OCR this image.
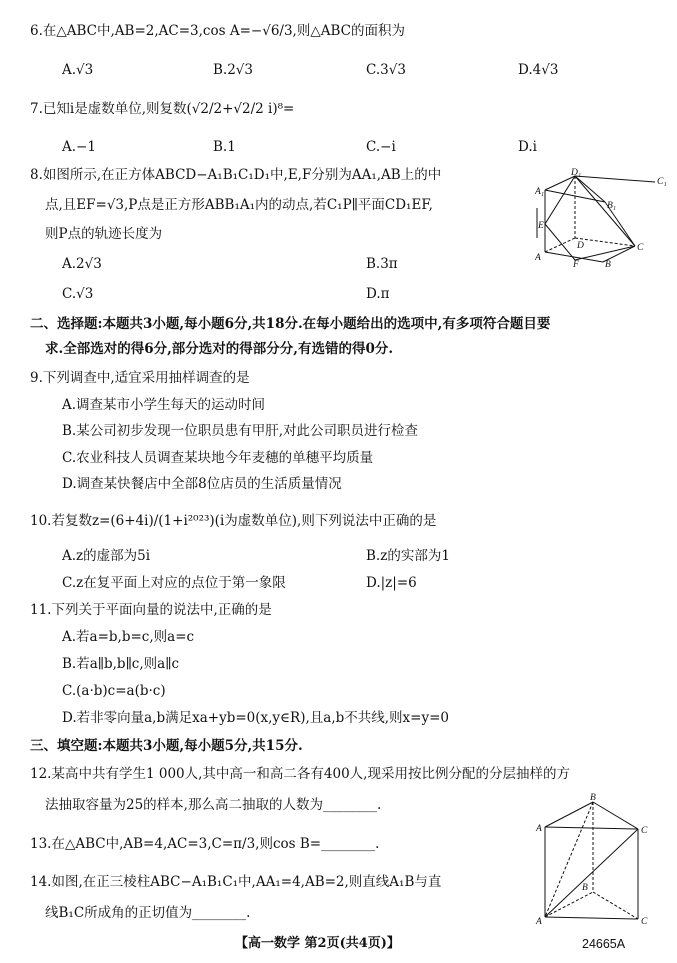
6.在△ABC中,AB=2,AC=3,cos A=−√6/3,则△ABC的面积为
A.√3	B.2√3	C.3√3	D.4√3
7.已知i是虚数单位,则复数(√2/2+√2/2 i)⁸=
A.−1	B.1	C.−i	D.i
8.如图所示,在正方体ABCD−A₁B₁C₁D₁中,E,F分别为AA₁,AB上的中
点,且EF=√3,P点是正方形ABB₁A₁内的动点,若C₁P∥平面CD₁EF,
则P点的轨迹长度为
A.2√3	B.3π
C.√3	D.π
D₁
C₁
A₁
B₁
E
D	C
A
F	B
二、选择题:本题共3小题,每小题6分,共18分.在每小题给出的选项中,有多项符合题目要
求.全部选对的得6分,部分选对的得部分分,有选错的得0分.
9.下列调查中,适宜采用抽样调查的是
A.调查某市小学生每天的运动时间
B.某公司初步发现一位职员患有甲肝,对此公司职员进行检查
C.农业科技人员调查某块地今年麦穗的单穗平均质量
D.调查某快餐店中全部8位店员的生活质量情况
10.若复数z=(6+4i)/(1+i²⁰²³)(i为虚数单位),则下列说法中正确的是
A.z的虚部为5i	B.z的实部为1
C.z在复平面上对应的点位于第一象限	D.|z|=6
11.下列关于平面向量的说法中,正确的是
A.若a=b,b=c,则a=c
B.若a∥b,b∥c,则a∥c
C.(a·b)c=a(b·c)
D.若非零向量a,b满足xa+yb=0(x,y∈R),且a,b不共线,则x=y=0
三、填空题:本题共3小题,每小题5分,共15分.
12.某高中共有学生1 000人,其中高一和高二各有400人,现采用按比例分配的分层抽样的方
法抽取容量为25的样本,那么高二抽取的人数为________.
13.在△ABC中,AB=4,AC=3,C=π/3,则cos B=________.
14.如图,在正三棱柱ABC−A₁B₁C₁中,AA₁=4,AB=2,则直线A₁B与直
线B₁C所成角的正切值为________.
B
A	C
B
A	C
【高一数学 第2页(共4页)】	24665A
